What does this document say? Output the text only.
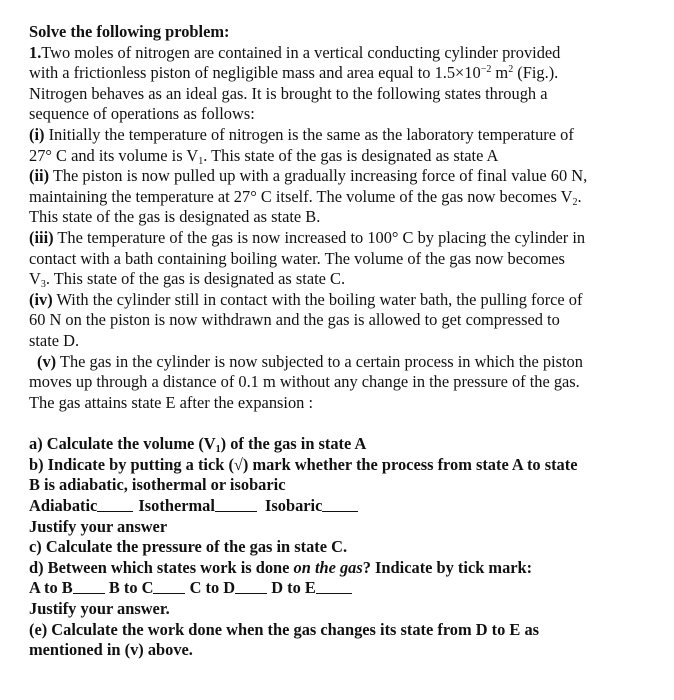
Solve the following problem:
1.Two moles of nitrogen are contained in a vertical conducting cylinder provided
with a frictionless piston of negligible mass and area equal to $1.5\times 10^{-2}$ $m^2$ (Fig.).
Nitrogen behaves as an ideal gas. It is brought to the following states through a
sequence of operations as follows:
(i) Initially the temperature of nitrogen is the same as the laboratory temperature of
27° C and its volume is $V_1$. This state of the gas is designated as state A
(ii) The piston is now pulled up with a gradually increasing force of final value 60 N,
maintaining the temperature at 27° C itself. The volume of the gas now becomes $V_2$.
This state of the gas is designated as state B.
(iii) The temperature of the gas is now increased to 100° C by placing the cylinder in
contact with a bath containing boiling water. The volume of the gas now becomes
$V_3$. This state of the gas is designated as state C.
(iv) With the cylinder still in contact with the boiling water bath, the pulling force of
60 N on the piston is now withdrawn and the gas is allowed to get compressed to
state D.
(v) The gas in the cylinder is now subjected to a certain process in which the piston
moves up through a distance of 0.1 m without any change in the pressure of the gas.
The gas attains state E after the expansion :
a) Calculate the volume $(V_1)$ of the gas in state A
b) Indicate by putting a tick (√) mark whether the process from state A to state
B is adiabatic, isothermal or isobaric
Adiabatic	Isothermal	Isobaric
Justify your answer
c) Calculate the pressure of the gas in state C.
d) Between which states work is done on the gas? Indicate by tick mark:
A to B B to C C to D D to E
Justify your answer.
(e) Calculate the work done when the gas changes its state from D to E as
mentioned in (v) above.
